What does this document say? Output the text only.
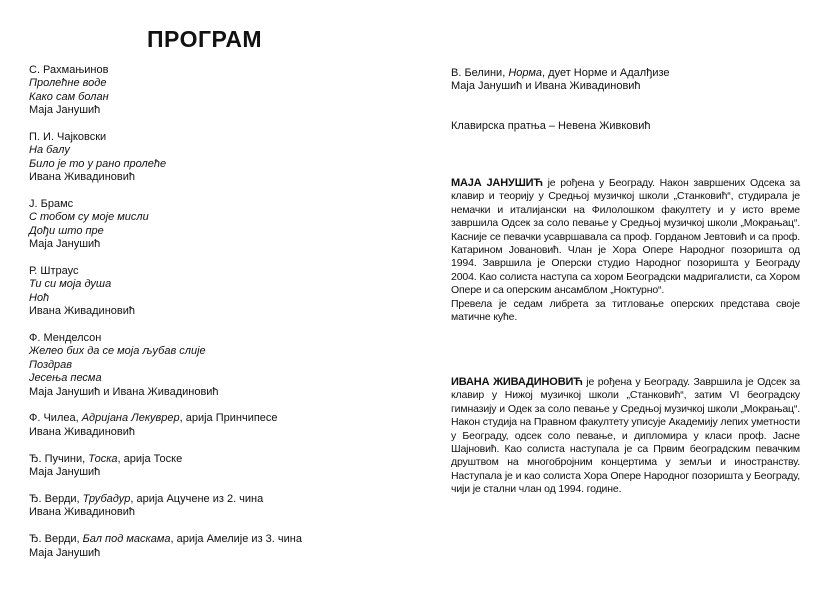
ПРОГРАМ
С. Рахмањинов
Пролећне воде
Како сам болан
Маја Јанушић
П. И. Чајковски
На балу
Било је то у рано пролеће
Ивана Живадиновић
Ј. Брамс
С тобом су моје мисли
Дођи што пре
Маја Јанушић
Р. Штраус
Ти си моја душа
Ноћ
Ивана Живадиновић
Ф. Менделсон
Желео бих да се моја љубав слије
Поздрав
Јесења песма
Маја Јанушић и Ивана Живадиновић
Ф. Чилеа, Адријана Лекуврер, арија Принчипесе
Ивана Живадиновић
Ђ. Пучини, Тоска, арија Тоске
Маја Јанушић
Ђ. Верди, Трубадур, арија Ацучене из 2. чина
Ивана Живадиновић
Ђ. Верди, Бал под маскама, арија Амелије из 3. чина
Маја Јанушић
В. Белини, Норма, дует Норме и Адалђизе
Маја Јанушић и Ивана Живадиновић
Клавирска пратња – Невена Живковић

МАЈА ЈАНУШИЋ је рођена у Београду. Након завршених Одсека за клавир и теорију у Средњој музичкој школи „Станковић“, студирала је немачки и италијански на Филолошком факултету и у исто време завршила Одсек за соло певање у Средњој музичкој школи „Мокрањац“. Касније се певачки усавршавала са проф. Горданом Јевтовић и са проф. Катарином Јовановић. Члан је Хора Опере Народног позоришта од 1994. Завршила је Оперски студио Народног позоришта у Београду 2004. Као солиста наступа са хором Београдски мадригалисти, са Хором Опере и са оперским ансамблом „Ноктурно“.

Превела је седам либрета за титловање оперских представа своје матичне куће.

ИВАНА ЖИВАДИНОВИЋ је рођена у Београду. Завршила је Одсек за клавир у Нижој музичкој школи „Станковић“, затим VI београдску гимназију и Одек за соло певање у Средњој музичкој школи „Мокрањац“. Након студија на Правном факултету уписује Академију лепих уметности у Београду, одсек соло певање, и дипломира у класи проф. Јасне Шајновић. Као солиста наступала је са Првим београдским певачким друштвом на многобројним концертима у земљи и иностранству. Наступала је и као солиста Хора Опере Народног позоришта у Београду, чији је стални члан од 1994. године.
